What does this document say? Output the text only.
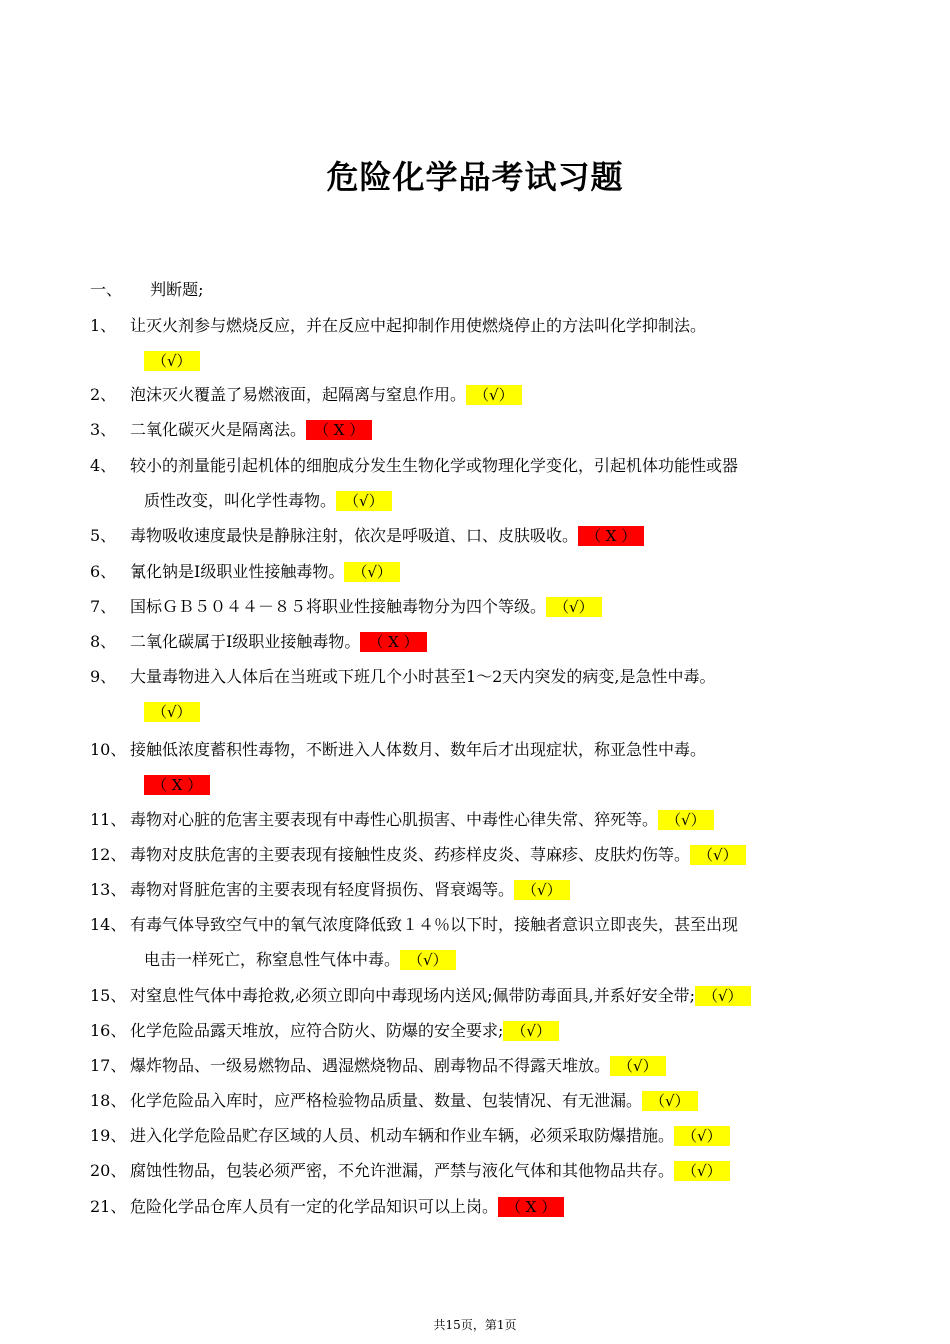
危险化学品考试习题
一、 判断题;
1、 让灭火剂参与燃烧反应，并在反应中起抑制作用使燃烧停止的方法叫化学抑制法。
（√）
2、 泡沫灭火覆盖了易燃液面，起隔离与窒息作用。 （√）
3、 二氧化碳灭火是隔离法。 （ X ）
4、 较小的剂量能引起机体的细胞成分发生生物化学或物理化学变化，引起机体功能性或器
质性改变，叫化学性毒物。 （√）
5、 毒物吸收速度最快是静脉注射，依次是呼吸道、口、皮肤吸收。 （ X ）
6、 氰化钠是Ⅰ级职业性接触毒物。 （√）
7、 国标ＧＢ５０４４－８５将职业性接触毒物分为四个等级。 （√）
8、 二氧化碳属于Ⅰ级职业接触毒物。 （ X ）
9、 大量毒物进入人体后在当班或下班几个小时甚至1～2天内突发的病变,是急性中毒。
（√）
10、 接触低浓度蓄积性毒物，不断进入人体数月、数年后才出现症状，称亚急性中毒。
（ X ）
11、 毒物对心脏的危害主要表现有中毒性心肌损害、中毒性心律失常、猝死等。 （√）
12、 毒物对皮肤危害的主要表现有接触性皮炎、药疹样皮炎、荨麻疹、皮肤灼伤等。 （√）
13、 毒物对肾脏危害的主要表现有轻度肾损伤、肾衰竭等。 （√）
14、 有毒气体导致空气中的氧气浓度降低致１４％以下时，接触者意识立即丧失，甚至出现
电击一样死亡，称窒息性气体中毒。 （√）
15、 对窒息性气体中毒抢救,必须立即向中毒现场内送风;佩带防毒面具,并系好安全带; （√）
16、 化学危险品露天堆放，应符合防火、防爆的安全要求; （√）
17、 爆炸物品、一级易燃物品、遇湿燃烧物品、剧毒物品不得露天堆放。 （√）
18、 化学危险品入库时，应严格检验物品质量、数量、包装情况、有无泄漏。 （√）
19、 进入化学危险品贮存区域的人员、机动车辆和作业车辆，必须采取防爆措施。 （√）
20、 腐蚀性物品，包装必须严密，不允许泄漏，严禁与液化气体和其他物品共存。 （√）
21、 危险化学品仓库人员有一定的化学品知识可以上岗。 （ X ）
共15页，第1页
